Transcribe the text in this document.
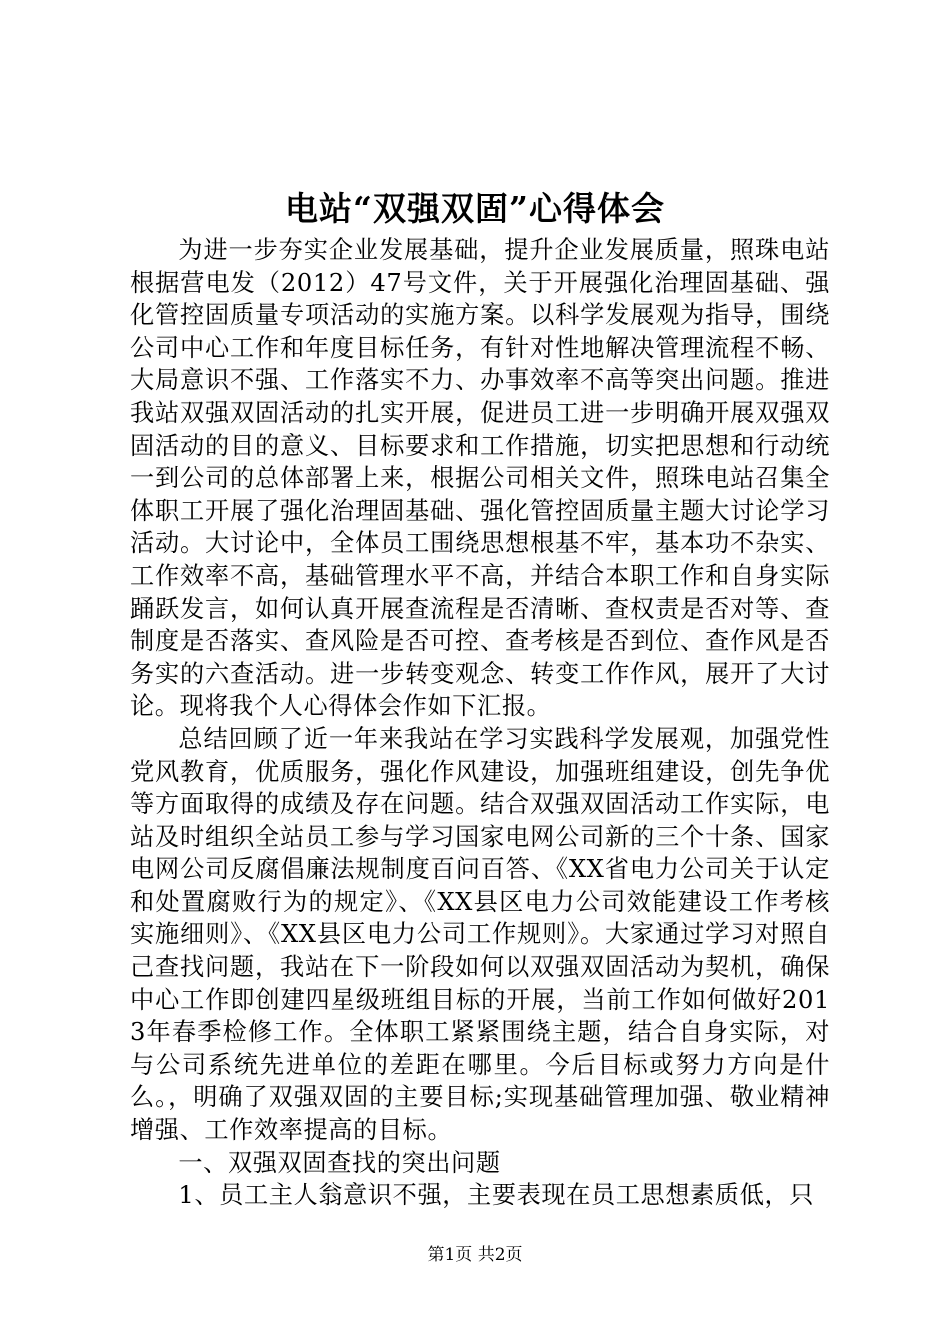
电站“双强双固”心得体会

为进一步夯实企业发展基础，提升企业发展质量，照珠电站根据营电发（2012）47号文件，关于开展强化治理固基础、强化管控固质量专项活动的实施方案。以科学发展观为指导，围绕公司中心工作和年度目标任务，有针对性地解决管理流程不畅、大局意识不强、工作落实不力、办事效率不高等突出问题。推进我站双强双固活动的扎实开展，促进员工进一步明确开展双强双固活动的目的意义、目标要求和工作措施，切实把思想和行动统一到公司的总体部署上来，根据公司相关文件，照珠电站召集全体职工开展了强化治理固基础、强化管控固质量主题大讨论学习活动。大讨论中，全体员工围绕思想根基不牢，基本功不杂实、工作效率不高，基础管理水平不高，并结合本职工作和自身实际踊跃发言，如何认真开展查流程是否清晰、查权责是否对等、查制度是否落实、查风险是否可控、查考核是否到位、查作风是否务实的六查活动。进一步转变观念、转变工作作风，展开了大讨论。现将我个人心得体会作如下汇报。

总结回顾了近一年来我站在学习实践科学发展观，加强党性党风教育，优质服务，强化作风建设，加强班组建设，创先争优等方面取得的成绩及存在问题。结合双强双固活动工作实际，电站及时组织全站员工参与学习国家电网公司新的三个十条、国家电网公司反腐倡廉法规制度百问百答、《XX省电力公司关于认定和处置腐败行为的规定》、《XX县区电力公司效能建设工作考核实施细则》、《XX县区电力公司工作规则》。大家通过学习对照自己查找问题，我站在下一阶段如何以双强双固活动为契机，确保中心工作即创建四星级班组目标的开展，当前工作如何做好2013年春季检修工作。全体职工紧紧围绕主题，结合自身实际，对与公司系统先进单位的差距在哪里。今后目标或努力方向是什么。，明确了双强双固的主要目标;实现基础管理加强、敬业精神增强、工作效率提高的目标。

一、双强双固查找的突出问题

1、员工主人翁意识不强，主要表现在员工思想素质低，只

第1页 共2页
